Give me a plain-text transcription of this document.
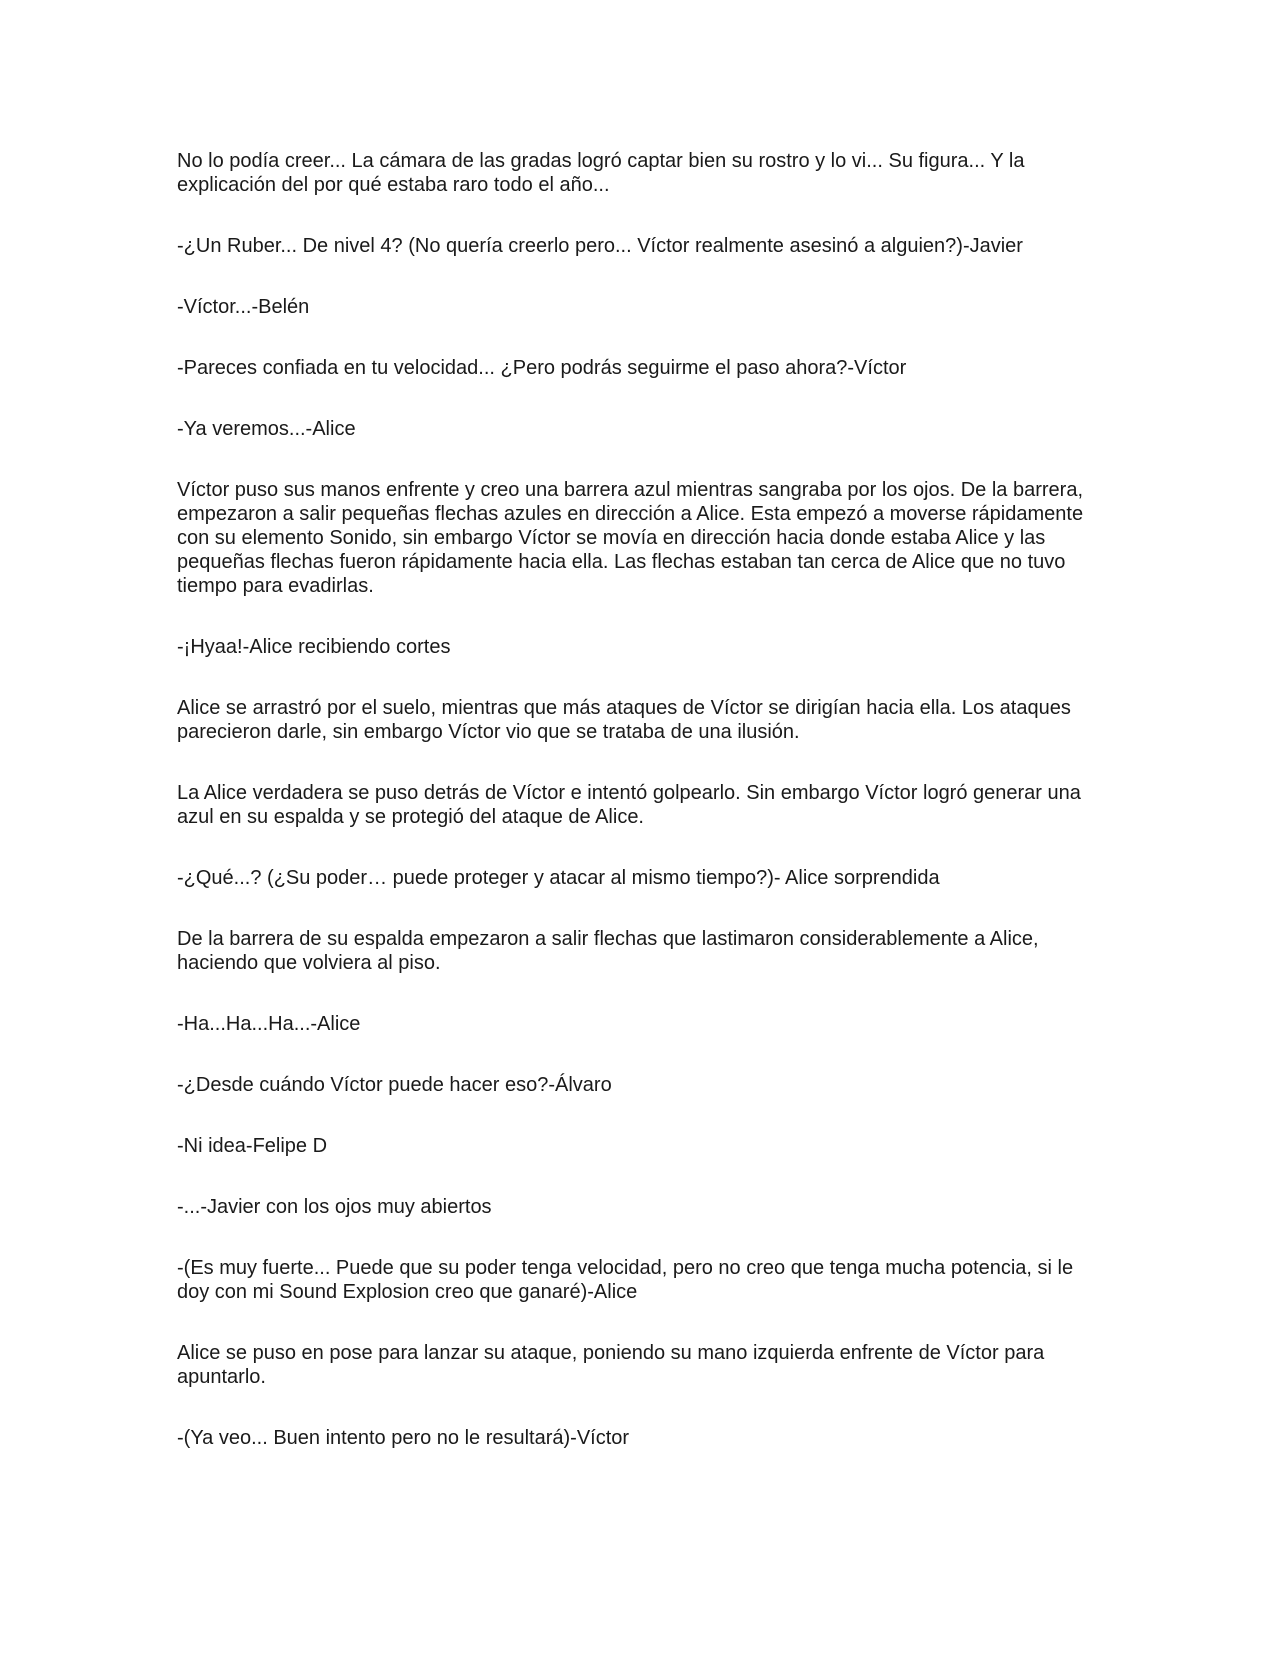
No lo podía creer... La cámara de las gradas logró captar bien su rostro y lo vi... Su figura... Y la explicación del por qué estaba raro todo el año...

-¿Un Ruber... De nivel 4? (No quería creerlo pero... Víctor realmente asesinó a alguien?)-Javier

-Víctor...-Belén

-Pareces confiada en tu velocidad... ¿Pero podrás seguirme el paso ahora?-Víctor

-Ya veremos...-Alice

Víctor puso sus manos enfrente y creo una barrera azul mientras sangraba por los ojos. De la barrera, empezaron a salir pequeñas flechas azules en dirección a Alice. Esta empezó a moverse rápidamente con su elemento Sonido, sin embargo Víctor se movía en dirección hacia donde estaba Alice y las pequeñas flechas fueron rápidamente hacia ella. Las flechas estaban tan cerca de Alice que no tuvo tiempo para evadirlas.

-¡Hyaa!-Alice recibiendo cortes

Alice se arrastró por el suelo, mientras que más ataques de Víctor se dirigían hacia ella. Los ataques parecieron darle, sin embargo Víctor vio que se trataba de una ilusión.

La Alice verdadera se puso detrás de Víctor e intentó golpearlo. Sin embargo Víctor logró generar una azul en su espalda y se protegió del ataque de Alice.

-¿Qué...? (¿Su poder… puede proteger y atacar al mismo tiempo?)- Alice sorprendida

De la barrera de su espalda empezaron a salir flechas que lastimaron considerablemente a Alice, haciendo que volviera al piso.

-Ha...Ha...Ha...-Alice

-¿Desde cuándo Víctor puede hacer eso?-Álvaro

-Ni idea-Felipe D

-...-Javier con los ojos muy abiertos

-(Es muy fuerte... Puede que su poder tenga velocidad, pero no creo que tenga mucha potencia, si le doy con mi Sound Explosion creo que ganaré)-Alice

Alice se puso en pose para lanzar su ataque, poniendo su mano izquierda enfrente de Víctor para apuntarlo.

-(Ya veo... Buen intento pero no le resultará)-Víctor
